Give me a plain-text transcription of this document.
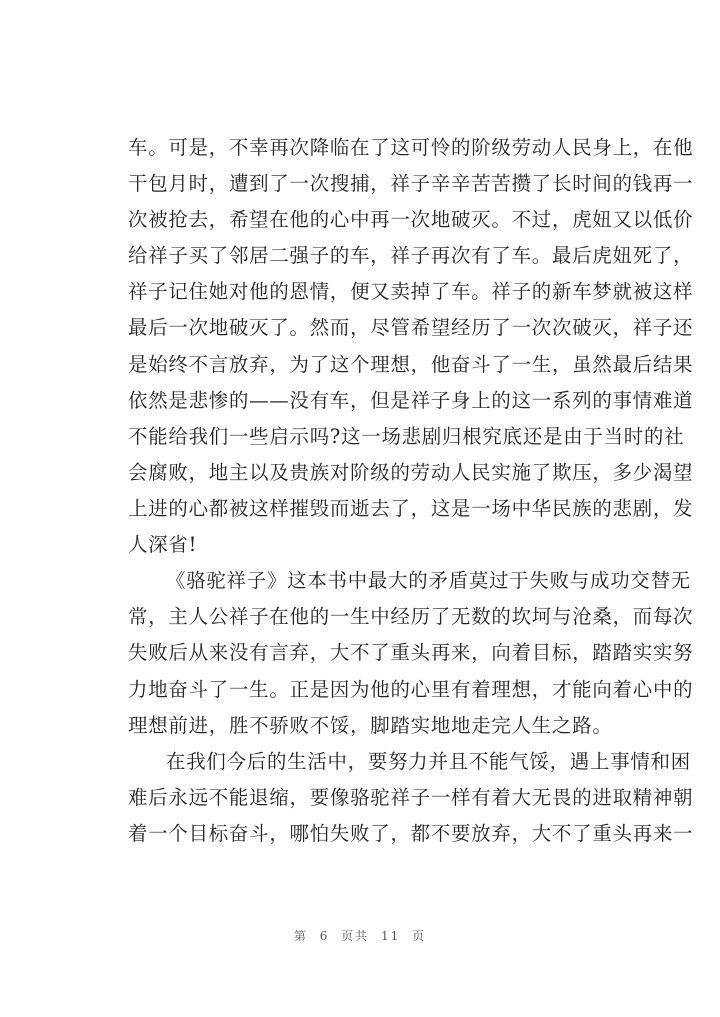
车。可是，不幸再次降临在了这可怜的阶级劳动人民身上，在他
干包月时，遭到了一次搜捕，祥子辛辛苦苦攒了长时间的钱再一
次被抢去，希望在他的心中再一次地破灭。不过，虎妞又以低价
给祥子买了邻居二强子的车，祥子再次有了车。最后虎妞死了，
祥子记住她对他的恩情，便又卖掉了车。祥子的新车梦就被这样
最后一次地破灭了。然而，尽管希望经历了一次次破灭，祥子还
是始终不言放弃，为了这个理想，他奋斗了一生，虽然最后结果
依然是悲惨的——没有车，但是祥子身上的这一系列的事情难道
不能给我们一些启示吗?这一场悲剧归根究底还是由于当时的社
会腐败，地主以及贵族对阶级的劳动人民实施了欺压，多少渴望
上进的心都被这样摧毁而逝去了，这是一场中华民族的悲剧，发
人深省!
《骆驼祥子》这本书中最大的矛盾莫过于失败与成功交替无
常，主人公祥子在他的一生中经历了无数的坎坷与沧桑，而每次
失败后从来没有言弃，大不了重头再来，向着目标，踏踏实实努
力地奋斗了一生。正是因为他的心里有着理想，才能向着心中的
理想前进，胜不骄败不馁，脚踏实地地走完人生之路。
在我们今后的生活中，要努力并且不能气馁，遇上事情和困
难后永远不能退缩，要像骆驼祥子一样有着大无畏的进取精神朝
着一个目标奋斗，哪怕失败了，都不要放弃，大不了重头再来一
第 6 页共 11 页
